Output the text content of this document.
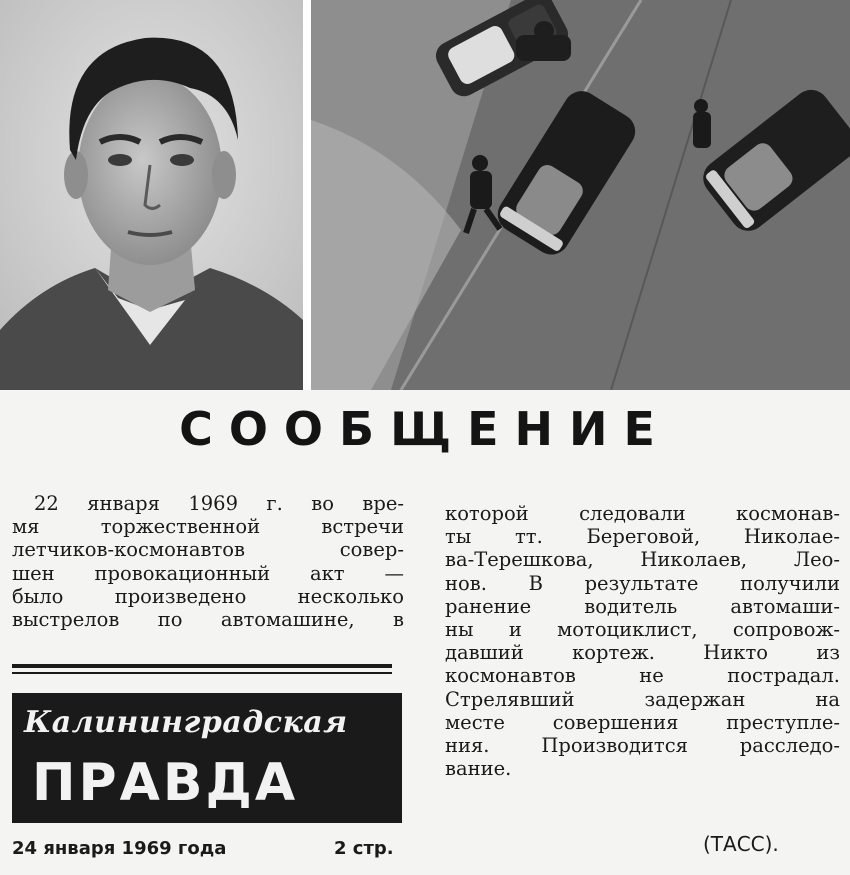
СООБЩЕНИЕ
22 января 1969 г. во вре-
мя торжественной встречи
летчиков-космонавтов совер-
шен провокационный акт —
было произведено несколько
выстрелов по автомашине, в
Калининградская
ПРАВДА
24 января 1969 года	2 стр.
которой следовали космонав-
ты тт. Береговой, Николае-
ва-Терешкова, Николаев, Лео-
нов. В результате получили
ранение водитель автомаши-
ны и мотоциклист, сопровож-
давший кортеж. Никто из
космонавтов не пострадал.
Стрелявший задержан на
месте совершения преступле-
ния. Производится расследо-
вание.
(ТАСС).
